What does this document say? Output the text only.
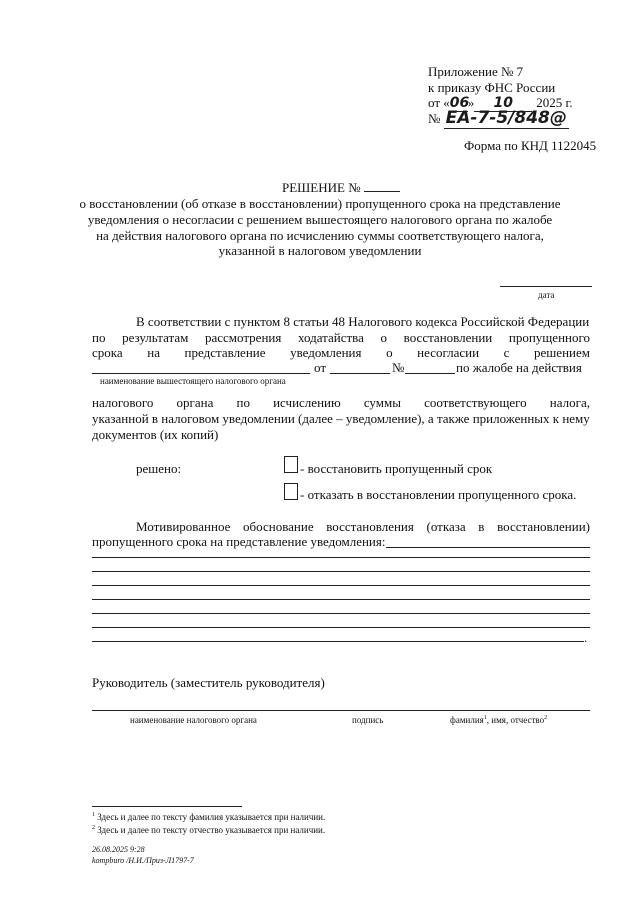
Приложение № 7
к приказу ФНС России
от «06» 10 2025 г.
№ ЕА-7-5/848@
Форма по КНД 1122045
РЕШЕНИЕ №
о восстановлении (об отказе в восстановлении) пропущенного срока на представление
уведомления о несогласии с решением вышестоящего налогового органа по жалобе
на действия налогового органа по исчислению суммы соответствующего налога,
указанной в налоговом уведомлении
дата
В соответствии с пунктом 8 статьи 48 Налогового кодекса Российской Федерации
по результатам рассмотрения ходатайства о восстановлении пропущенного
срока на представление уведомления о несогласии с решением
от	№	по жалобе на действия
наименование вышестоящего налогового органа
налогового органа по исчислению суммы соответствующего налога,
указанной в налоговом уведомлении (далее – уведомление), а также приложенных к нему
документов (их копий)
решено:	- восстановить пропущенный срок
- отказать в восстановлении пропущенного срока.
Мотивированное обоснование восстановления (отказа в восстановлении)
пропущенного срока на представление уведомления:
.
Руководитель (заместитель руководителя)
наименование налогового органа	подпись	фамилия$^1$, имя, отчество$^2$
$^1$ Здесь и далее по тексту фамилия указывается при наличии.
$^2$ Здесь и далее по тексту отчество указывается при наличии.
26.08.2025 9:28
kompburo /Н.И./Приз-Л1797-7
